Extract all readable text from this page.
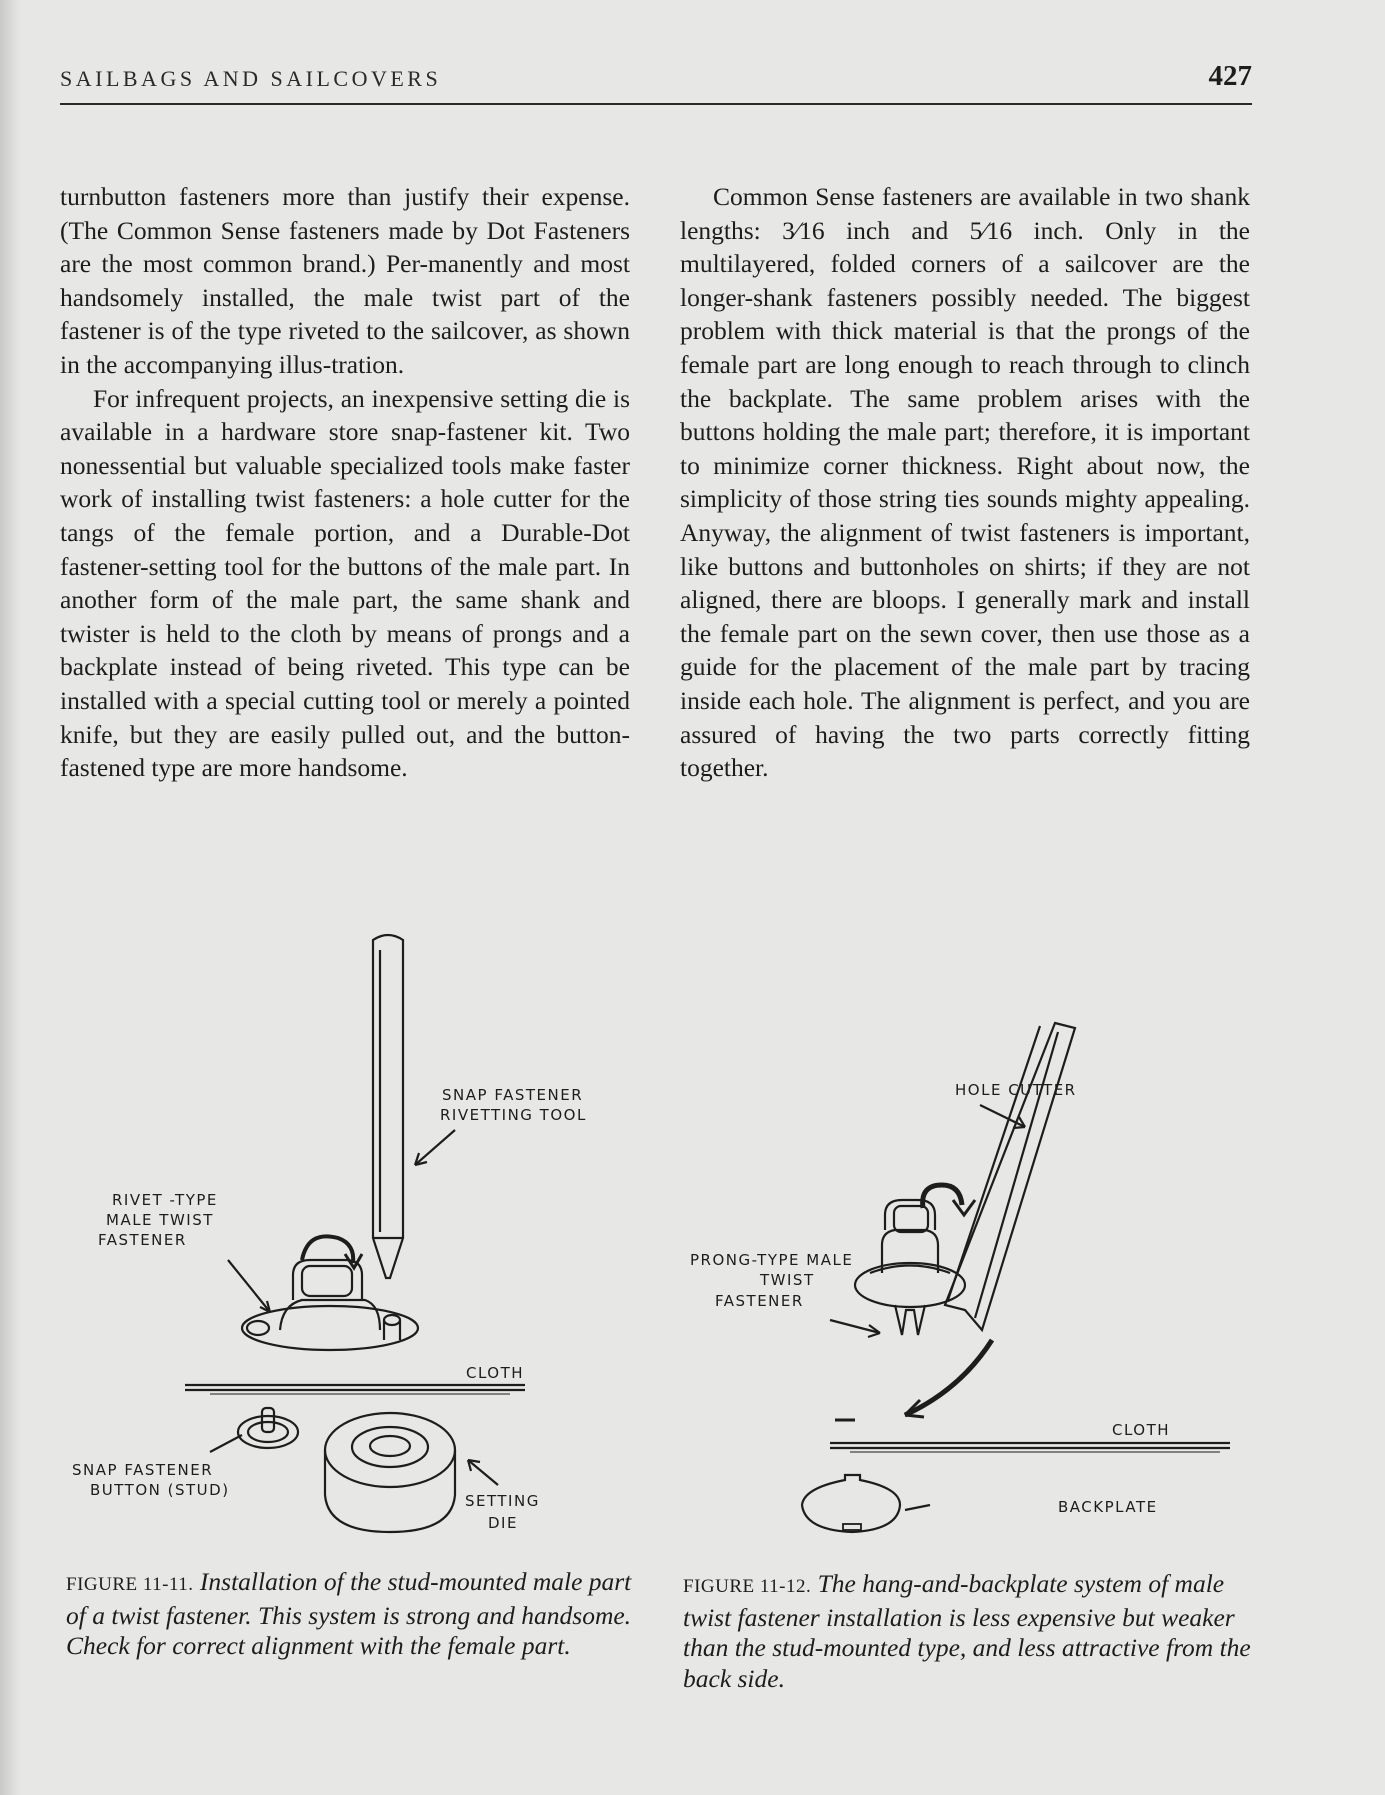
SAILBAGS AND SAILCOVERS	427

turnbutton fasteners more than justify their expense. (The Common Sense fasteners made by Dot Fasteners are the most common brand.) Per-manently and most handsomely installed, the male twist part of the fastener is of the type riveted to the sailcover, as shown in the accompanying illus-tration.

For infrequent projects, an inexpensive setting die is available in a hardware store snap-fastener kit. Two nonessential but valuable specialized tools make faster work of installing twist fasteners: a hole cutter for the tangs of the female portion, and a Durable-Dot fastener-setting tool for the buttons of the male part. In another form of the male part, the same shank and twister is held to the cloth by means of prongs and a backplate instead of being riveted. This type can be installed with a special cutting tool or merely a pointed knife, but they are easily pulled out, and the button-fastened type are more handsome.

Common Sense fasteners are available in two shank lengths: 3⁄16 inch and 5⁄16 inch. Only in the multilayered, folded corners of a sailcover are the longer-shank fasteners possibly needed. The biggest problem with thick material is that the prongs of the female part are long enough to reach through to clinch the backplate. The same problem arises with the buttons holding the male part; therefore, it is important to minimize corner thickness. Right about now, the simplicity of those string ties sounds mighty appealing. Anyway, the alignment of twist fasteners is important, like buttons and buttonholes on shirts; if they are not aligned, there are bloops. I generally mark and install the female part on the sewn cover, then use those as a guide for the placement of the male part by tracing inside each hole. The alignment is perfect, and you are assured of having the two parts correctly fitting together.

SNAP FASTENER
RIVETTING TOOL
RIVET -TYPE
MALE TWIST
FASTENER
CLOTH
SNAP FASTENER
BUTTON (STUD)
SETTING
DIE
HOLE CUTTER
PRONG-TYPE MALE
TWIST
FASTENER
CLOTH
BACKPLATE
FIGURE 11-11. Installation of the stud-mounted male part of a twist fastener. This system is strong and handsome. Check for correct alignment with the female part.
FIGURE 11-12. The hang-and-backplate system of male twist fastener installation is less expensive but weaker than the stud-mounted type, and less attractive from the back side.
